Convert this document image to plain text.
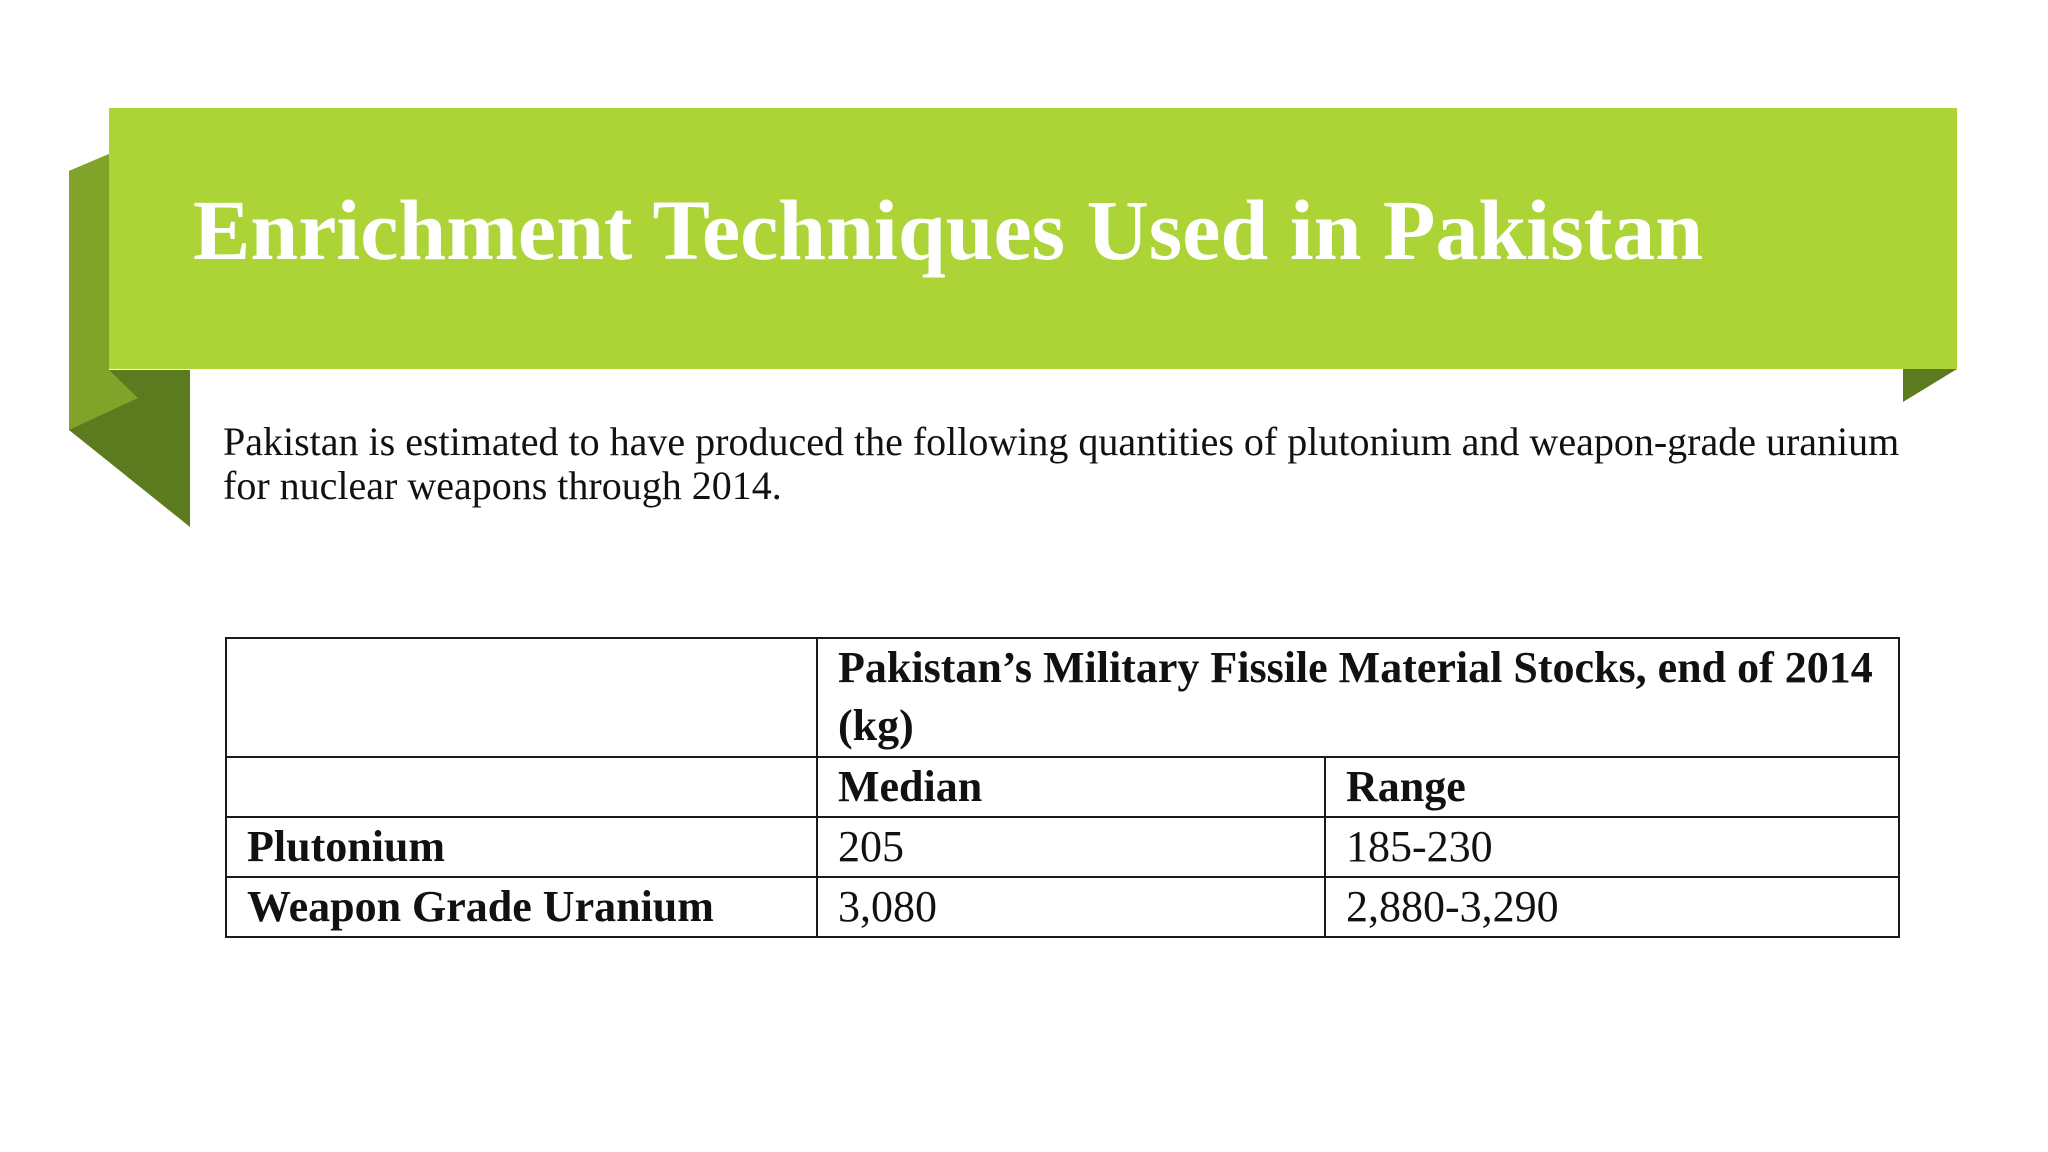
Enrichment Techniques Used in Pakistan

Pakistan is estimated to have produced the following quantities of plutonium and weapon-grade uranium for nuclear weapons through 2014.

	Pakistan’s Military Fissile Material Stocks, end of 2014 (kg)	
	Median	Range
Plutonium	205	185-230
Weapon Grade Uranium	3,080	2,880-3,290
